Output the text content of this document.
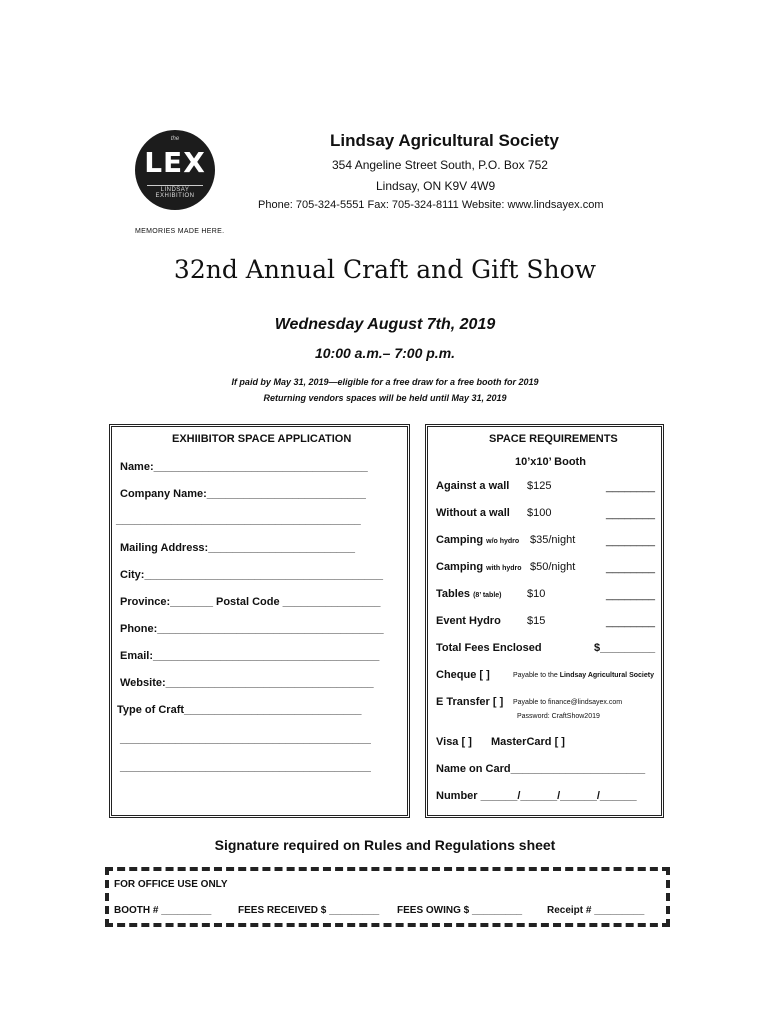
the
LEX
LINDSAY EXHIBITION
MEMORIES MADE HERE.
Lindsay Agricultural Society
354 Angeline Street South, P.O. Box 752
Lindsay, ON K9V 4W9
Phone: 705-324-5551 Fax: 705-324-8111 Website: www.lindsayex.com
32nd Annual Craft and Gift Show
Wednesday August 7th, 2019
10:00 a.m.– 7:00 p.m.
If paid by May 31, 2019—eligible for a free draw for a free booth for 2019
Returning vendors spaces will be held until May 31, 2019
EXHIIBITOR SPACE APPLICATION
Name:___________________________________
Company Name:__________________________
________________________________________
Mailing Address:________________________
City:_______________________________________
Province:_______ Postal Code ________________
Phone:_____________________________________
Email:_____________________________________
Website:__________________________________
Type of Craft_____________________________
_________________________________________
_________________________________________
SPACE REQUIREMENTS
10’x10’ Booth
Against a wall $125	________
Without a wall $100	________
Camping w/o hydro $35/night	________
Camping with hydro $50/night	________
Tables (8’ table) $10	________
Event Hydro $15	________
Total Fees Enclosed	$_________
Cheque [ ]	Payable to the Lindsay Agricultural Society
E Transfer [ ] Payable to finance@lindsayex.com
Password: CraftShow2019
Visa [ ] MasterCard [ ]
Name on Card______________________
Number ______/______/______/______
Signature required on Rules and Regulations sheet
FOR OFFICE USE ONLY
BOOTH # _________	FEES RECEIVED $ _________ FEES OWING $ _________ Receipt # _________
